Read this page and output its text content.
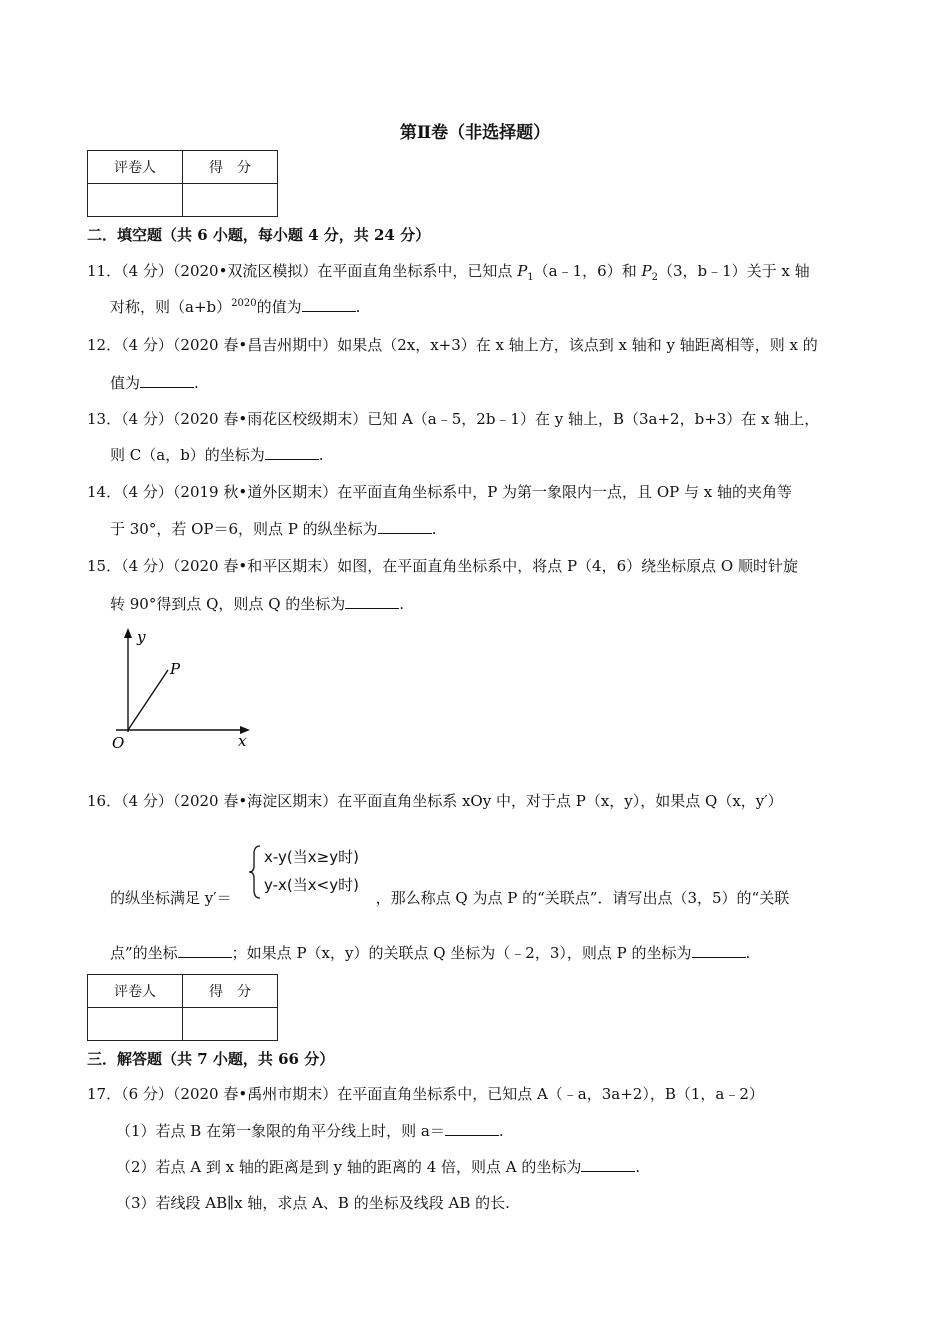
第Ⅱ卷（非选择题）
评卷人	得　分

二．填空题（共 6 小题，每小题 4 分，共 24 分）
11．（4 分）（2020•双流区模拟）在平面直角坐标系中，已知点 $P_1(a﹣1$，6）和 $P_2(3$，b﹣1）关于 x 轴
对称，则$(a+b)^{2020}$的值为	.
12．（4 分）（2020 春•昌吉州期中）如果点（2x，x+3）在 x 轴上方，该点到 x 轴和 y 轴距离相等，则 x 的
值为	.
13．（4 分）（2020 春•雨花区校级期末）已知 A（a﹣5，2b﹣1）在 y 轴上，B（3a+2，b+3）在 x 轴上，
则 C（a，b）的坐标为	.
14．（4 分）（2019 秋•道外区期末）在平面直角坐标系中，P 为第一象限内一点，且 OP 与 x 轴的夹角等
于 30°，若 OP＝6，则点 P 的纵坐标为	.
15．（4 分）（2020 春•和平区期末）如图，在平面直角坐标系中，将点 P（4，6）绕坐标原点 O 顺时针旋
转 90°得到点 Q，则点 Q 的坐标为	.
y
x
P
O
16．（4 分）（2020 春•海淀区期末）在平面直角坐标系 xOy 中，对于点 P（x，y），如果点 Q（x，y′）
x-y(当x≥y时)
y-x(当x<y时)
的纵坐标满足 y′＝	，那么称点 Q 为点 P 的“关联点”．请写出点（3，5）的“关联
点”的坐标	；如果点 P（x，y）的关联点 Q 坐标为（﹣2，3），则点 P 的坐标为	.
评卷人	得　分

三．解答题（共 7 小题，共 66 分）
17．（6 分）（2020 春•禹州市期末）在平面直角坐标系中，已知点 A（﹣a，3a+2），B（1，a﹣2）
（1）若点 B 在第一象限的角平分线上时，则 a＝	.
（2）若点 A 到 x 轴的距离是到 y 轴的距离的 4 倍，则点 A 的坐标为	.
（3）若线段 AB∥x 轴，求点 A、B 的坐标及线段 AB 的长.
